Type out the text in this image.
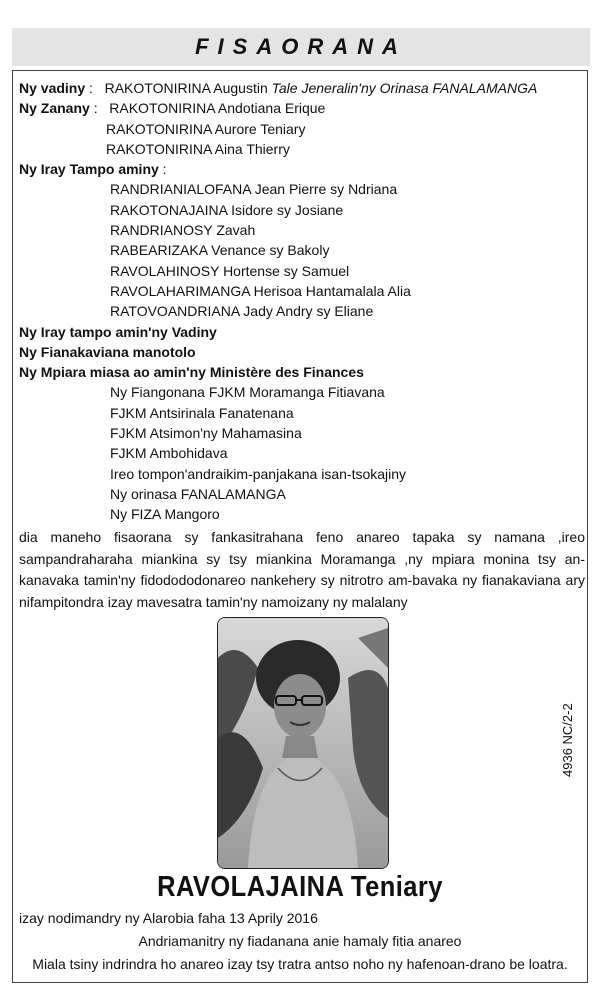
FISAORANA
Ny vadiny :   RAKOTONIRINA Augustin Tale Jeneralin'ny Orinasa FANALAMANGA
Ny Zanany :   RAKOTONIRINA Andotiana Erique
RAKOTONIRINA Aurore Teniary
RAKOTONIRINA Aina Thierry
Ny Iray Tampo aminy :
RANDRIANIALOFANA Jean Pierre sy Ndriana
RAKOTONAJAINA Isidore sy Josiane
RANDRIANOSY Zavah
RABEARIZAKA Venance sy Bakoly
RAVOLAHINOSY Hortense sy Samuel
RAVOLAHARIMANGA Herisoa Hantamalala Alia
RATOVOANDRIANA Jady Andry sy Eliane
Ny Iray tampo amin'ny Vadiny
Ny Fianakaviana manotolo
Ny Mpiara miasa ao amin'ny Ministère des Finances
Ny Fiangonana FJKM Moramanga Fitiavana
FJKM Antsirinala Fanatenana
FJKM Atsimon'ny Mahamasina
FJKM Ambohidava
Ireo tompon'andraikim-panjakana isan-tsokajiny
Ny orinasa FANALAMANGA
Ny FIZA Mangoro
dia maneho fisaorana sy fankasitrahana feno anareo tapaka sy namana ,ireo sampandraharaha miankina sy tsy miankina Moramanga ,ny mpiara monina tsy an-kanavaka tamin'ny fidodododonareo nankehery sy nitrotro am-bavaka ny fianakaviana ary nifampitondra izay mavesatra tamin'ny namoizany ny malalany
4936 NC/2-2
RAVOLAJAINA Teniary
izay nodimandry ny Alarobia faha 13 Aprily 2016
Andriamanitry ny fiadanana anie hamaly fitia anareo
Miala tsiny indrindra ho anareo izay tsy tratra antso noho ny hafenoan-drano be loatra.
